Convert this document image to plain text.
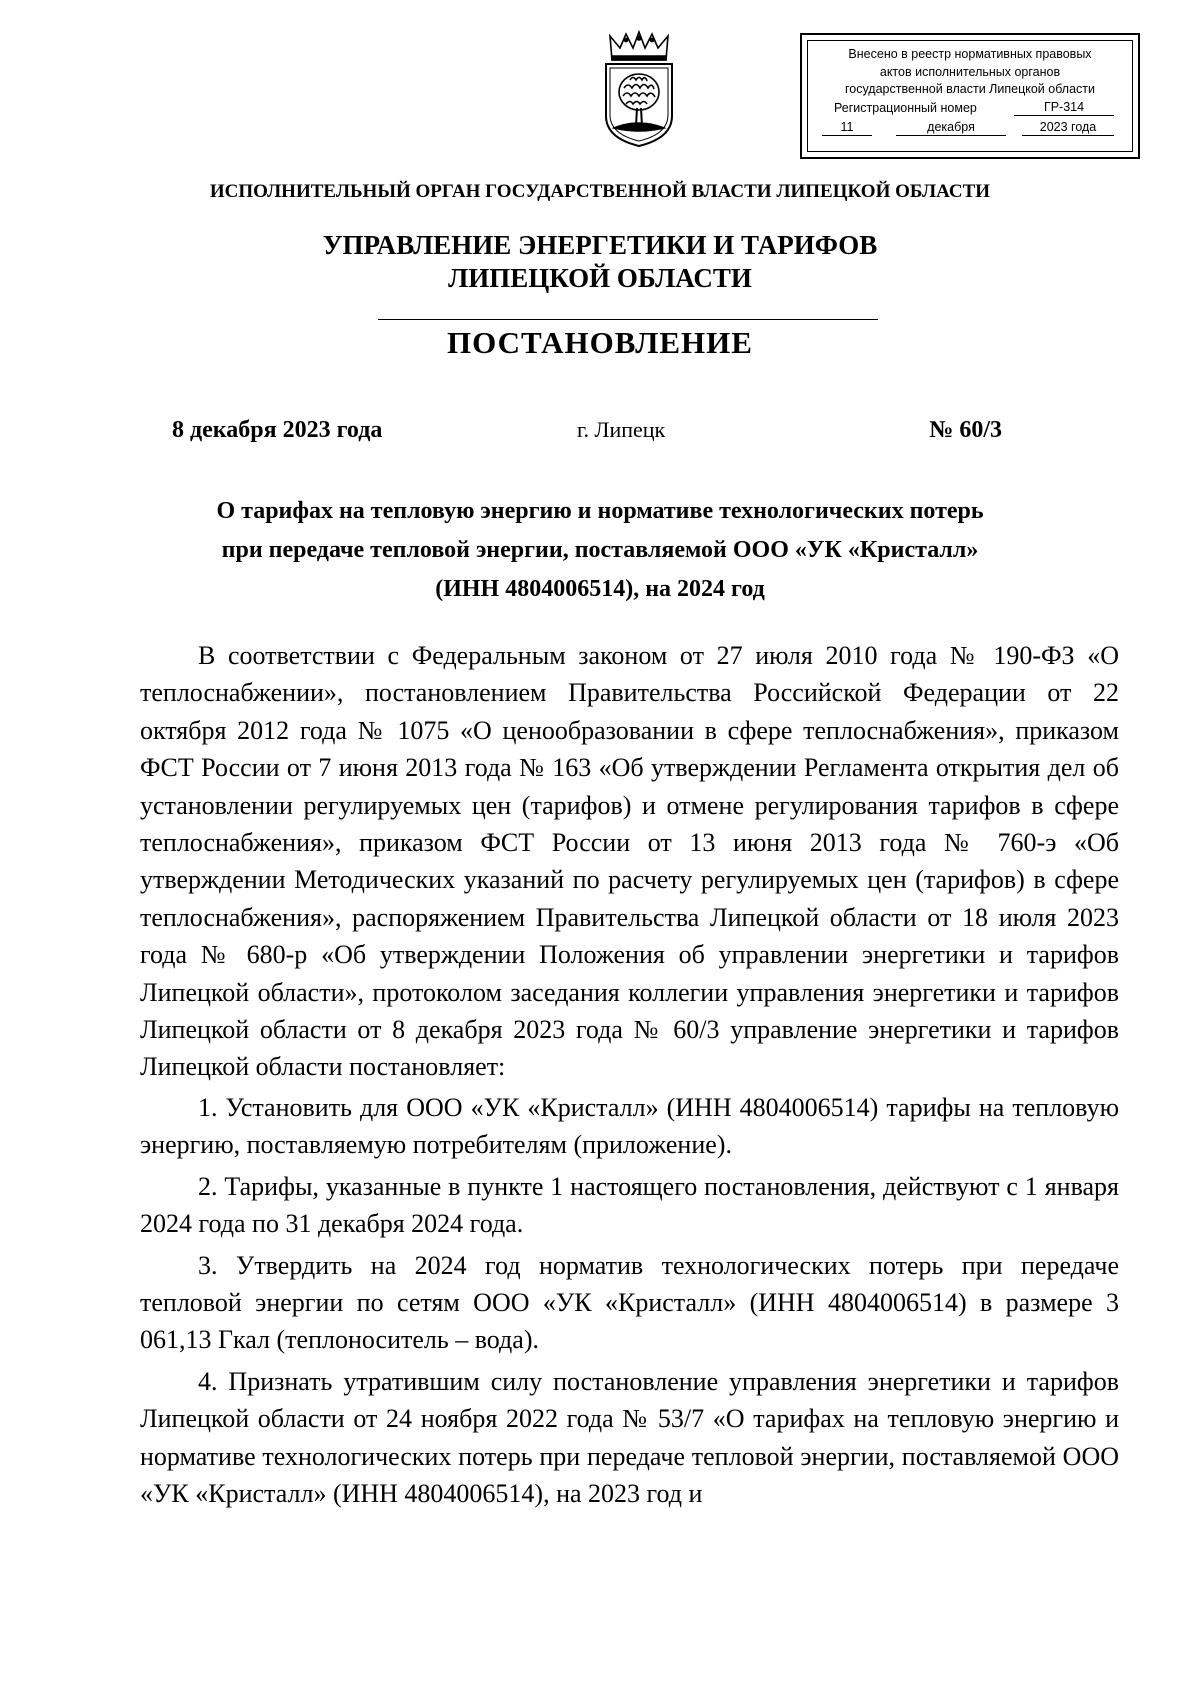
Внесено в реестр нормативных правовых
актов исполнительных органов
государственной власти Липецкой области
Регистрационный номер	ГР-314
11	декабря	2023 года
ИСПОЛНИТЕЛЬНЫЙ ОРГАН ГОСУДАРСТВЕННОЙ ВЛАСТИ ЛИПЕЦКОЙ ОБЛАСТИ
УПРАВЛЕНИЕ ЭНЕРГЕТИКИ И ТАРИФОВ
ЛИПЕЦКОЙ ОБЛАСТИ
ПОСТАНОВЛЕНИЕ
8 декабря 2023 года	г. Липецк	№ 60/3
О тарифах на тепловую энергию и нормативе технологических потерь
при передаче тепловой энергии, поставляемой ООО «УК «Кристалл»
(ИНН 4804006514), на 2024 год

В соответствии с Федеральным законом от 27 июля 2010 года № 190-ФЗ «О теплоснабжении», постановлением Правительства Российской Федерации от 22 октября 2012 года № 1075 «О ценообразовании в сфере теплоснабжения», приказом ФСТ России от 7 июня 2013 года № 163 «Об утверждении Регламента открытия дел об установлении регулируемых цен (тарифов) и отмене регулирования тарифов в сфере теплоснабжения», приказом ФСТ России от 13 июня 2013 года № 760-э «Об утверждении Методических указаний по расчету регулируемых цен (тарифов) в сфере теплоснабжения», распоряжением Правительства Липецкой области от 18 июля 2023 года № 680-р «Об утверждении Положения об управлении энергетики и тарифов Липецкой области», протоколом заседания коллегии управления энергетики и тарифов Липецкой области от 8 декабря 2023 года № 60/3 управление энергетики и тарифов Липецкой области постановляет:

1. Установить для ООО «УК «Кристалл» (ИНН 4804006514) тарифы на тепловую энергию, поставляемую потребителям (приложение).

2. Тарифы, указанные в пункте 1 настоящего постановления, действуют с 1 января 2024 года по 31 декабря 2024 года.

3. Утвердить на 2024 год норматив технологических потерь при передаче тепловой энергии по сетям ООО «УК «Кристалл» (ИНН 4804006514) в размере 3 061,13 Гкал (теплоноситель – вода).

4. Признать утратившим силу постановление управления энергетики и тарифов Липецкой области от 24 ноября 2022 года № 53/7 «О тарифах на тепловую энергию и нормативе технологических потерь при передаче тепловой энергии, поставляемой ООО «УК «Кристалл» (ИНН 4804006514), на 2023 год и
